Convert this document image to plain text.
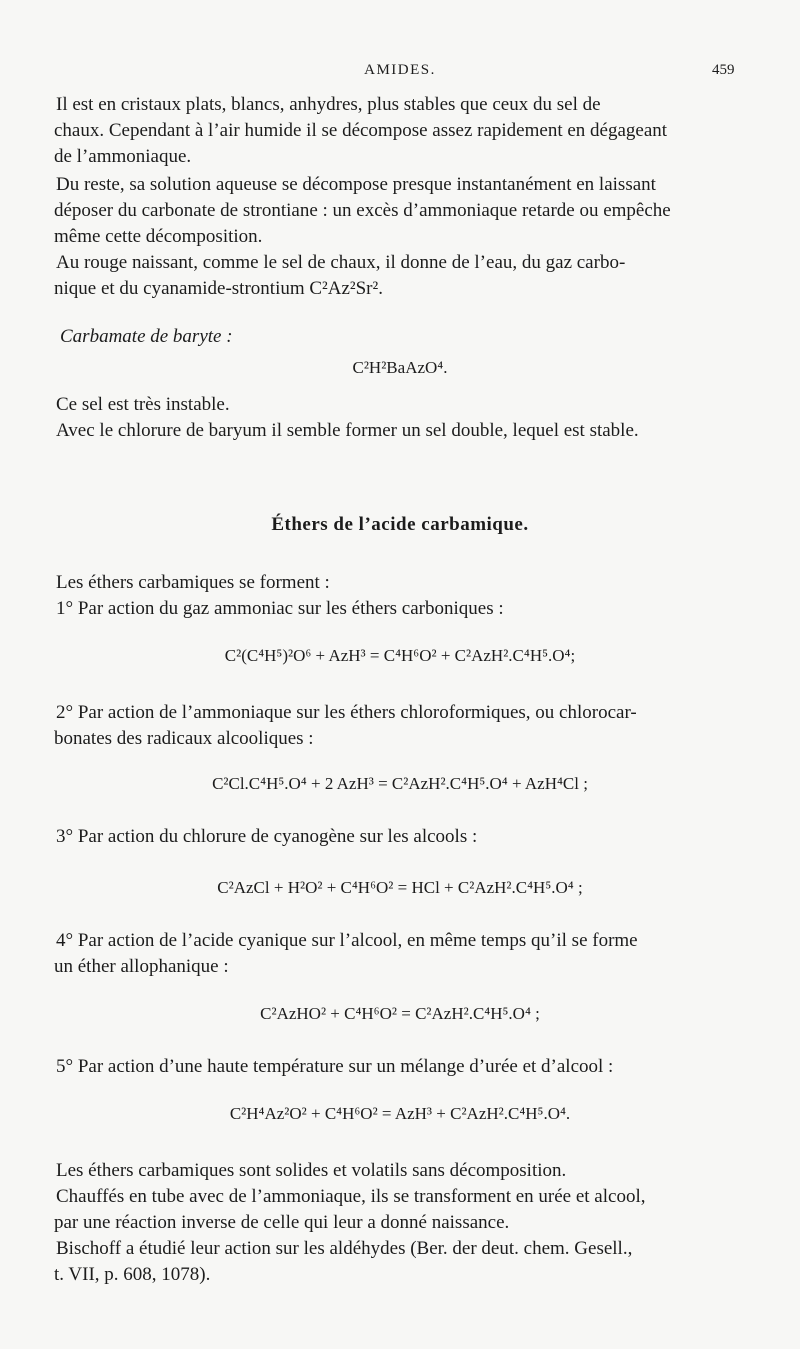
AMIDES.	459
Il est en cristaux plats, blancs, anhydres, plus stables que ceux du sel de
chaux. Cependant à l’air humide il se décompose assez rapidement en dégageant
de l’ammoniaque.
Du reste, sa solution aqueuse se décompose presque instantanément en laissant
déposer du carbonate de strontiane : un excès d’ammoniaque retarde ou empêche
même cette décomposition.
Au rouge naissant, comme le sel de chaux, il donne de l’eau, du gaz carbo-
nique et du cyanamide-strontium C²Az²Sr².
Carbamate de baryte :
C²H²BaAzO⁴.
Ce sel est très instable.
Avec le chlorure de baryum il semble former un sel double, lequel est stable.
Éthers de l’acide carbamique.
Les éthers carbamiques se forment :
1° Par action du gaz ammoniac sur les éthers carboniques :
C²(C⁴H⁵)²O⁶ + AzH³ = C⁴H⁶O² + C²AzH².C⁴H⁵.O⁴;
2° Par action de l’ammoniaque sur les éthers chloroformiques, ou chlorocar-
bonates des radicaux alcooliques :
C²Cl.C⁴H⁵.O⁴ + 2 AzH³ = C²AzH².C⁴H⁵.O⁴ + AzH⁴Cl ;
3° Par action du chlorure de cyanogène sur les alcools :
C²AzCl + H²O² + C⁴H⁶O² = HCl + C²AzH².C⁴H⁵.O⁴ ;
4° Par action de l’acide cyanique sur l’alcool, en même temps qu’il se forme
un éther allophanique :
C²AzHO² + C⁴H⁶O² = C²AzH².C⁴H⁵.O⁴ ;
5° Par action d’une haute température sur un mélange d’urée et d’alcool :
C²H⁴Az²O² + C⁴H⁶O² = AzH³ + C²AzH².C⁴H⁵.O⁴.
Les éthers carbamiques sont solides et volatils sans décomposition.
Chauffés en tube avec de l’ammoniaque, ils se transforment en urée et alcool,
par une réaction inverse de celle qui leur a donné naissance.
Bischoff a étudié leur action sur les aldéhydes (Ber. der deut. chem. Gesell.,
t. VII, p. 608, 1078).
